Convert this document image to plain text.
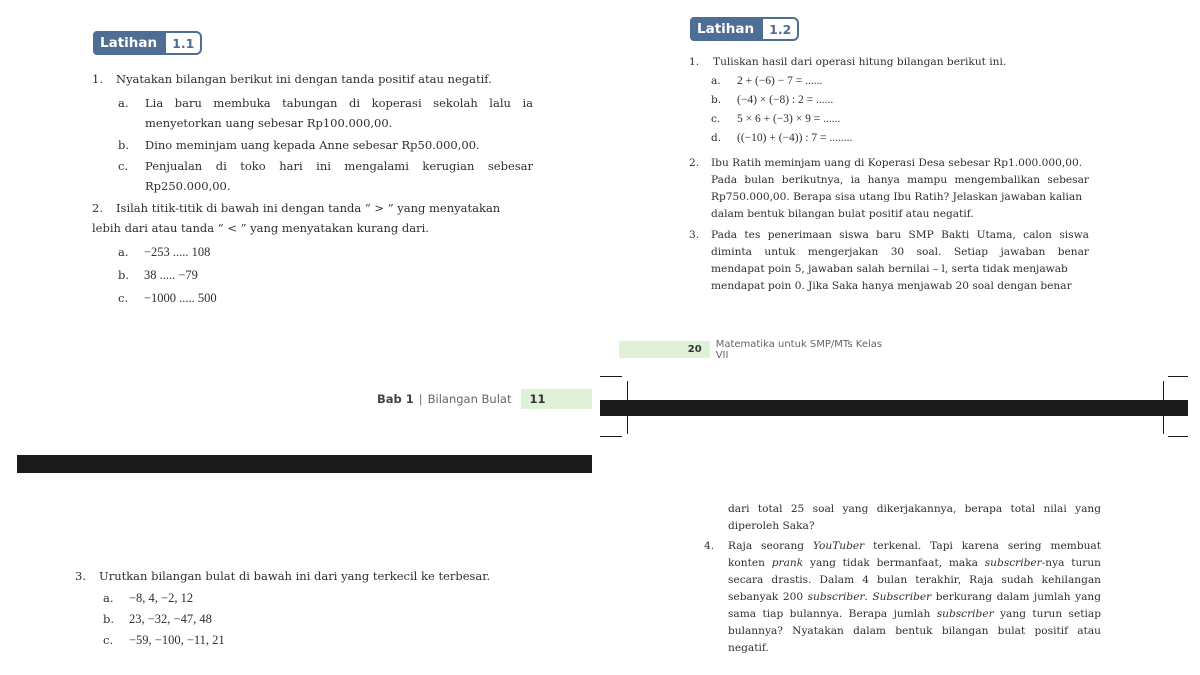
Latihan	1.1
1. Nyatakan bilangan berikut ini dengan tanda positif atau negatif.
a.	Lia baru membuka tabungan di koperasi sekolah lalu ia
menyetorkan uang sebesar Rp100.000,00.
b.	Dino meminjam uang kepada Anne sebesar Rp50.000,00.
c.	Penjualan di toko hari ini mengalami kerugian sebesar
Rp250.000,00.
2.	Isilah titik-titik di bawah ini dengan tanda “ > ” yang menyatakan
lebih dari atau tanda “ < ” yang menyatakan kurang dari.
a. −253 ..... 108
b. 38 ..... −79
c. −1000 ..... 500
Bab 1 | Bilangan Bulat	11
3. Urutkan bilangan bulat di bawah ini dari yang terkecil ke terbesar.
a. −8, 4, −2, 12
b. 23, −32, −47, 48
c. −59, −100, −11, 21
Latihan	1.2
1. Tuliskan hasil dari operasi hitung bilangan berikut ini.
a. 2 + (−6) − 7 = ......
b. (−4) × (−8) : 2 = ......
c. 5 × 6 + (−3) × 9 = ......
d. ((−10) + (−4)) : 7 = ........
2.	Ibu Ratih meminjam uang di Koperasi Desa sebesar Rp1.000.000,00.
Pada bulan berikutnya, ia hanya mampu mengembalikan sebesar
Rp750.000,00. Berapa sisa utang Ibu Ratih? Jelaskan jawaban kalian
dalam bentuk bilangan bulat positif atau negatif.
3.	Pada tes penerimaan siswa baru SMP Bakti Utama, calon siswa
diminta untuk mengerjakan 30 soal. Setiap jawaban benar
mendapat poin 5, jawaban salah bernilai – l, serta tidak menjawab
mendapat poin 0. Jika Saka hanya menjawab 20 soal dengan benar
20	Matematika untuk SMP/MTs Kelas VII
dari total 25 soal yang dikerjakannya, berapa total nilai yang
diperoleh Saka?
4.	Raja seorang YouTuber terkenal. Tapi karena sering membuat
konten prank yang tidak bermanfaat, maka subscriber-nya turun
secara drastis. Dalam 4 bulan terakhir, Raja sudah kehilangan
sebanyak 200 subscriber. Subscriber berkurang dalam jumlah yang
sama tiap bulannya. Berapa jumlah subscriber yang turun setiap
bulannya? Nyatakan dalam bentuk bilangan bulat positif atau
negatif.
